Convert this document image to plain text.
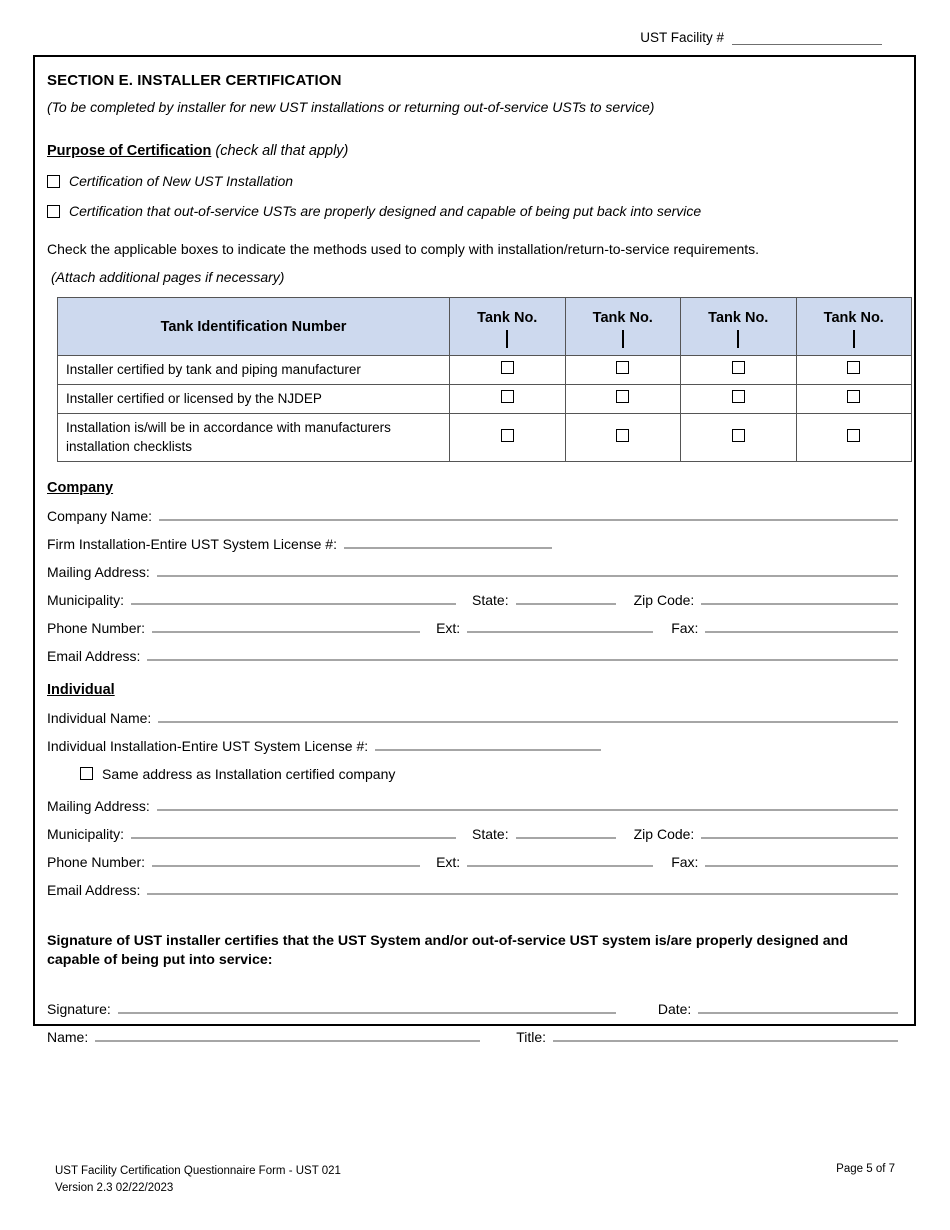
UST Facility #
SECTION E. INSTALLER CERTIFICATION
(To be completed by installer for new UST installations or returning out-of-service USTs to service)
Purpose of Certification (check all that apply)
Certification of New UST Installation
Certification that out-of-service USTs are properly designed and capable of being put back into service
Check the applicable boxes to indicate the methods used to comply with installation/return-to-service requirements.
(Attach additional pages if necessary)
Tank Identification Number	Tank No.	Tank No.	Tank No.	Tank No.

Installer certified by tank and piping manufacturer				
Installer certified or licensed by the NJDEP				
Installation is/will be in accordance with manufacturers installation checklists				
Company
Company Name:
Firm Installation-Entire UST System License #:
Mailing Address:
Municipality:	State:	Zip Code:
Phone Number:	Ext:	Fax:
Email Address:
Individual
Individual Name:
Individual Installation-Entire UST System License #:
Same address as Installation certified company
Mailing Address:
Municipality:	State:	Zip Code:
Phone Number:	Ext:	Fax:
Email Address:
Signature of UST installer certifies that the UST System and/or out-of-service UST system is/are properly designed and capable of being put into service:
Signature:	Date:
Name:	Title:
UST Facility Certification Questionnaire Form - UST 021
Version 2.3 02/22/2023
Page 5 of 7
